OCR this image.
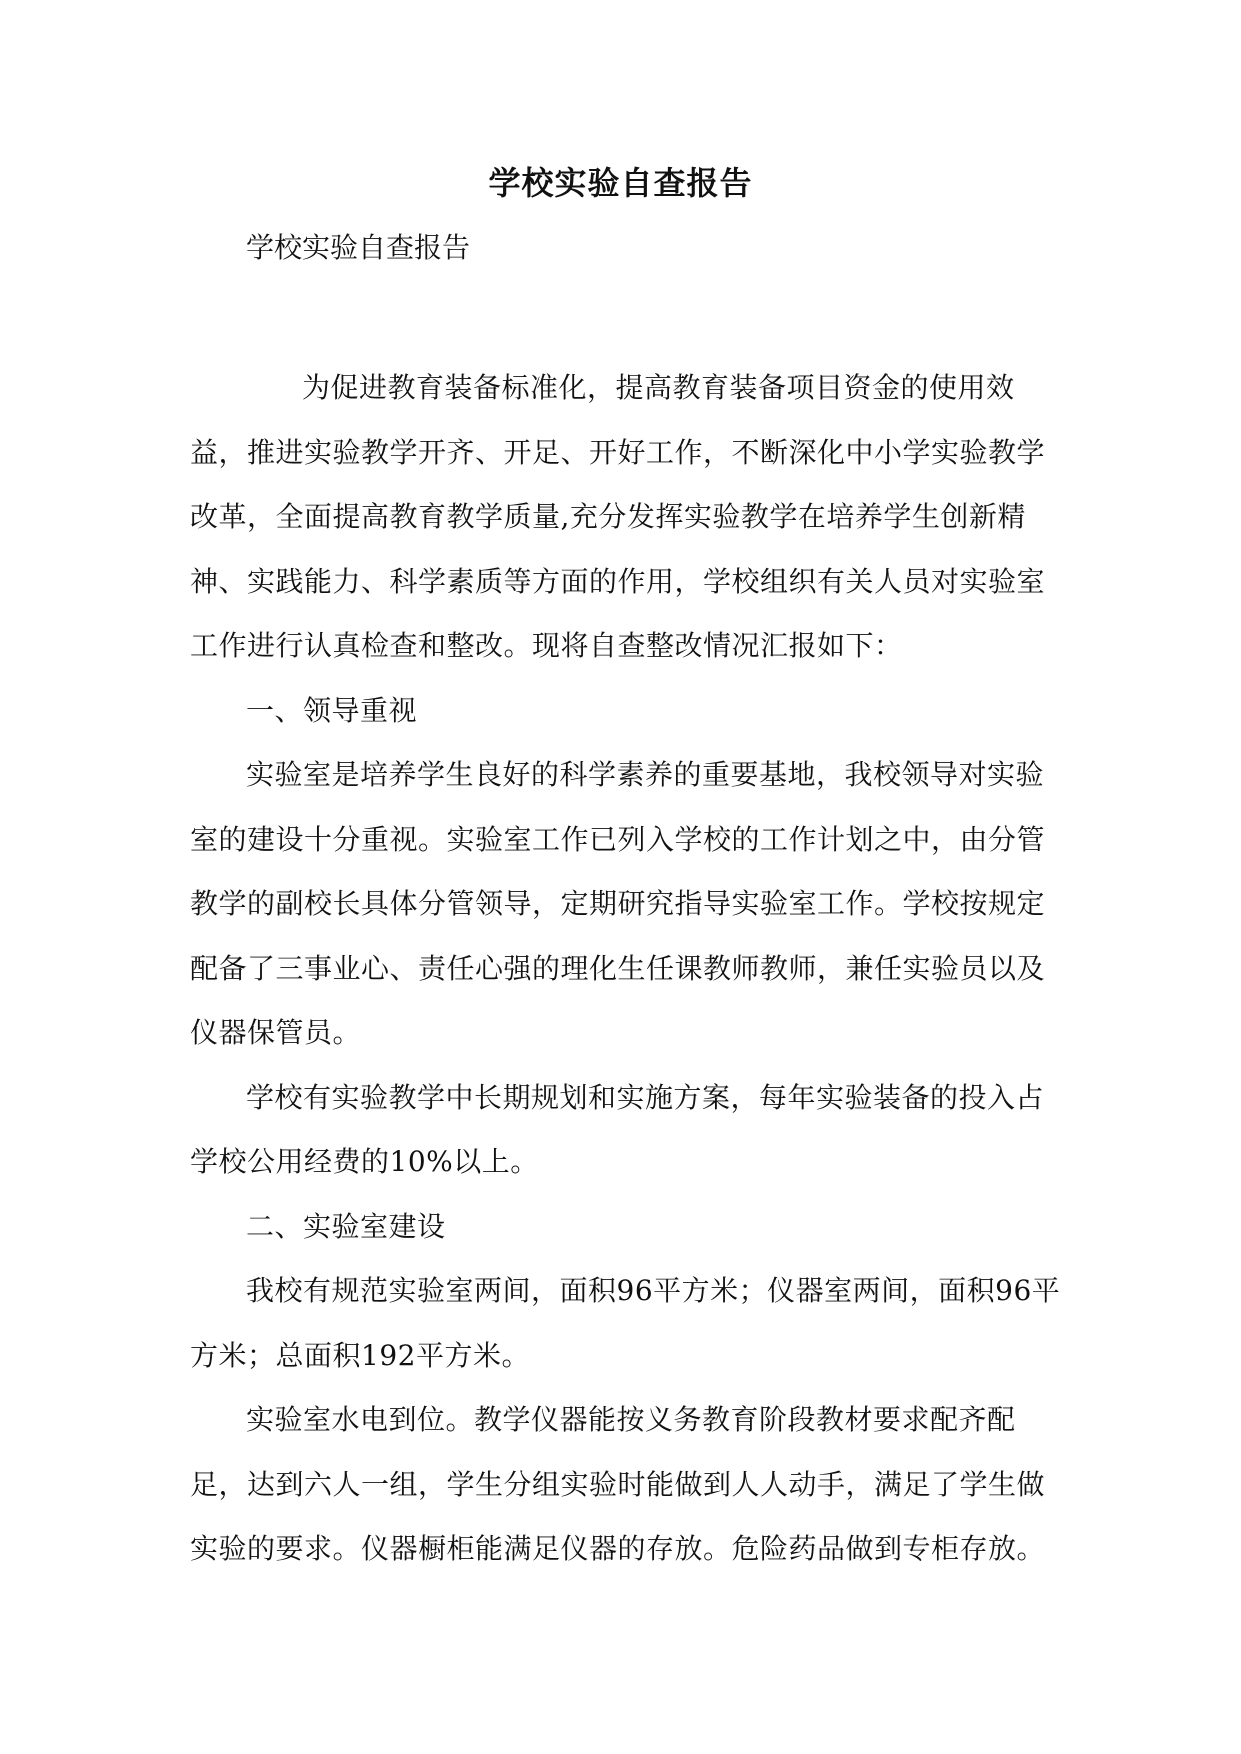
学校实验自查报告
学校实验自查报告

为促进教育装备标准化，提高教育装备项目资金的使用效益，推进实验教学开齐、开足、开好工作，不断深化中小学实验教学改革，全面提高教育教学质量,充分发挥实验教学在培养学生创新精神、实践能力、科学素质等方面的作用，学校组织有关人员对实验室工作进行认真检查和整改。现将自查整改情况汇报如下：

一、领导重视

实验室是培养学生良好的科学素养的重要基地，我校领导对实验室的建设十分重视。实验室工作已列入学校的工作计划之中，由分管教学的副校长具体分管领导，定期研究指导实验室工作。学校按规定配备了三事业心、责任心强的理化生任课教师教师，兼任实验员以及仪器保管员。

学校有实验教学中长期规划和实施方案，每年实验装备的投入占学校公用经费的10%以上。

二、实验室建设

我校有规范实验室两间，面积96平方米；仪器室两间，面积96平方米；总面积192平方米。

实验室水电到位。教学仪器能按义务教育阶段教材要求配齐配足，达到六人一组，学生分组实验时能做到人人动手，满足了学生做实验的要求。仪器橱柜能满足仪器的存放。危险药品做到专柜存放。
